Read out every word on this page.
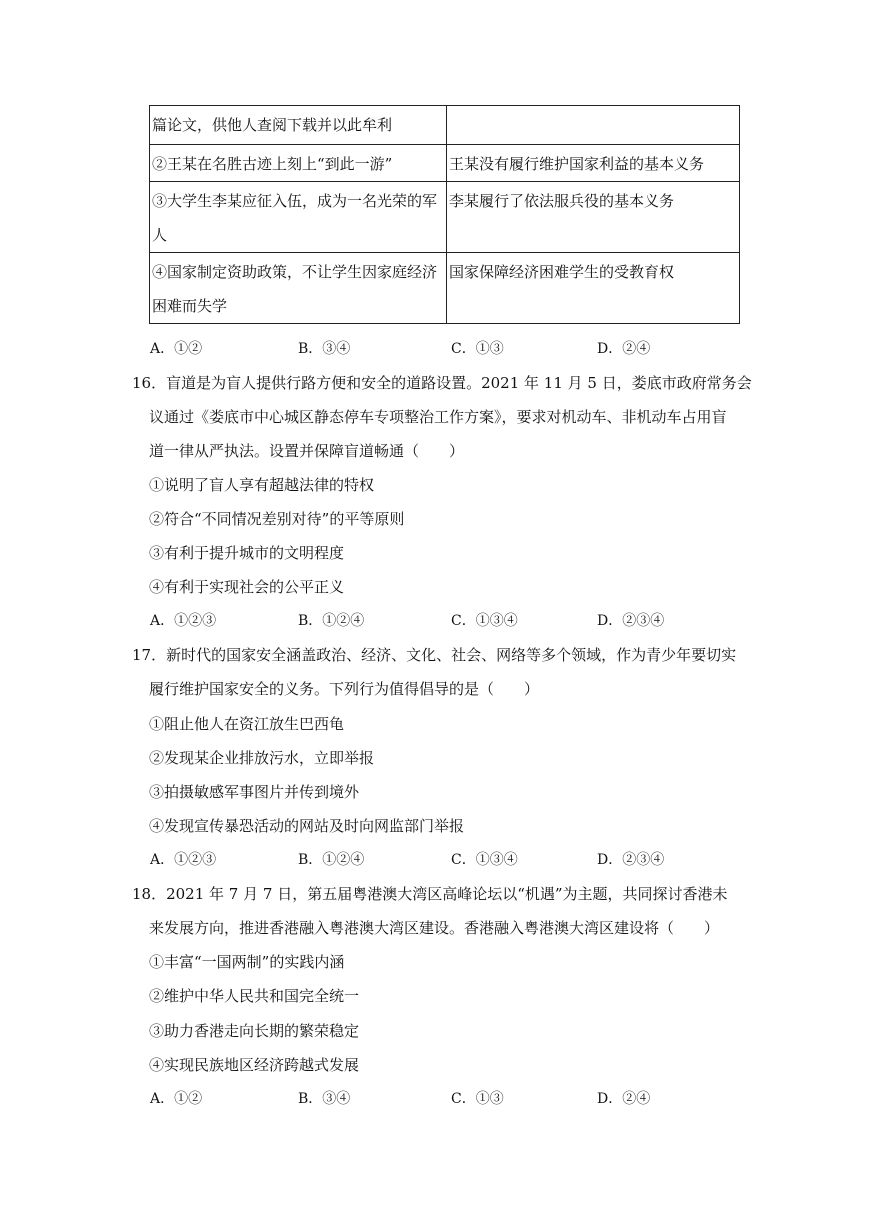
篇论文，供他人查阅下载并以此牟利	
②王某在名胜古迹上刻上“到此一游”	王某没有履行维护国家利益的基本义务
③大学生李某应征入伍，成为一名光荣的军
人	李某履行了依法服兵役的基本义务
④国家制定资助政策，不让学生因家庭经济
困难而失学	国家保障经济困难学生的受教育权
A．①②	B．③④	C．①③	D．②④
16．盲道是为盲人提供行路方便和安全的道路设置。2021 年 11 月 5 日，娄底市政府常务会
议通过《娄底市中心城区静态停车专项整治工作方案》，要求对机动车、非机动车占用盲
道一律从严执法。设置并保障盲道畅通（　　）
①说明了盲人享有超越法律的特权
②符合“不同情况差别对待”的平等原则
③有利于提升城市的文明程度
④有利于实现社会的公平正义
A．①②③	B．①②④	C．①③④	D．②③④
17．新时代的国家安全涵盖政治、经济、文化、社会、网络等多个领域，作为青少年要切实
履行维护国家安全的义务。下列行为值得倡导的是（　　）
①阻止他人在资江放生巴西龟
②发现某企业排放污水，立即举报
③拍摄敏感军事图片并传到境外
④发现宣传暴恐活动的网站及时向网监部门举报
A．①②③	B．①②④	C．①③④	D．②③④
18．2021 年 7 月 7 日，第五届粤港澳大湾区高峰论坛以“机遇”为主题，共同探讨香港未
来发展方向，推进香港融入粤港澳大湾区建设。香港融入粤港澳大湾区建设将（　　）
①丰富“一国两制”的实践内涵
②维护中华人民共和国完全统一
③助力香港走向长期的繁荣稳定
④实现民族地区经济跨越式发展
A．①②	B．③④	C．①③	D．②④
